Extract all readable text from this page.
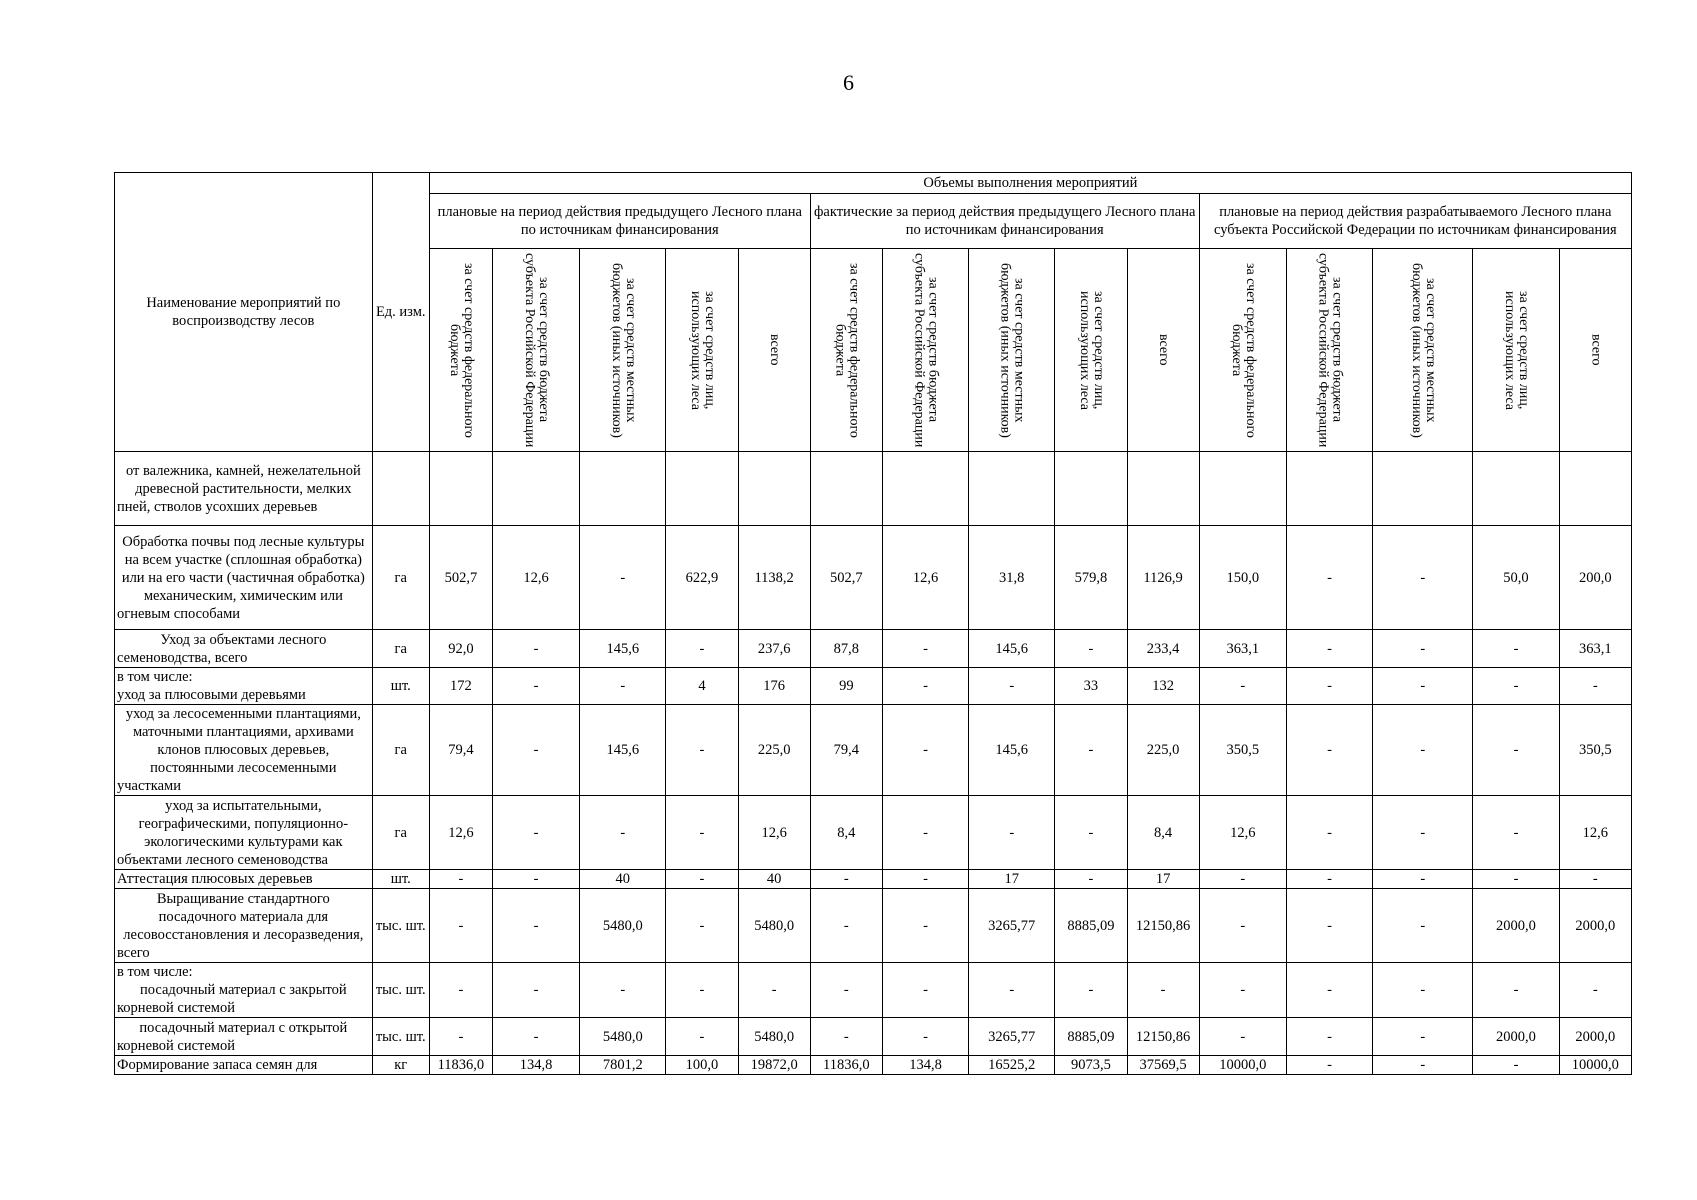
6
Наименование мероприятий по воспроизводству лесов	Ед. изм.	Объемы выполнения мероприятий														
		плановые на период действия предыдущего Лесного плана по источникам финансирования					фактические за период действия предыдущего Лесного плана по источникам финансирования					плановые на период действия разрабатываемого Лесного плана субъекта Российской Федерации по источникам финансирования				

		за счет средств федерального бюджета	за счет средств бюджета субъекта Российской Федерации	за счет средств местных бюджетов (иных источников)	за счет средств лиц, использующих леса	всего	за счет средств федерального бюджета	за счет средств бюджета субъекта Российской Федерации	за счет средств местных бюджетов (иных источников)	за счет средств лиц, использующих леса	всего	за счет средств федерального бюджета	за счет средств бюджета субъекта Российской Федерации	за счет средств местных бюджетов (иных источников)	за счет средств лиц, использующих леса	всего

от валежника, камней, нежелательной древесной растительности, мелких пней, стволов усохших деревьев																
Обработка почвы под лесные культуры на всем участке (сплошная обработка) или на его части (частичная обработка) механическим, химическим или огневым способами	га	502,7	12,6	-	622,9	1138,2	502,7	12,6	31,8	579,8	1126,9	150,0	-	-	50,0	200,0
Уход за объектами лесного семеноводства, всего	га	92,0	-	145,6	-	237,6	87,8	-	145,6	-	233,4	363,1	-	-	-	363,1

в том числе:
уход за плюсовыми деревьями	шт.	172	-	-	4	176	99	-	-	33	132	-	-	-	-	-
уход за лесосеменными плантациями, маточными плантациями, архивами клонов плюсовых деревьев, постоянными лесосеменными участками	га	79,4	-	145,6	-	225,0	79,4	-	145,6	-	225,0	350,5	-	-	-	350,5
уход за испытательными, географическими, популяционно-экологическими культурами как объектами лесного семеноводства	га	12,6	-	-	-	12,6	8,4	-	-	-	8,4	12,6	-	-	-	12,6
Аттестация плюсовых деревьев	шт.	-	-	40	-	40	-	-	17	-	17	-	-	-	-	-
Выращивание стандартного посадочного материала для лесовосстановления и лесоразведения, всего	тыс. шт.	-	-	5480,0	-	5480,0	-	-	3265,77	8885,09	12150,86	-	-	-	2000,0	2000,0

в том числе:
посадочный материал с закрытой корневой системой	тыс. шт.	-	-	-	-	-	-	-	-	-	-	-	-	-	-	-
посадочный материал с открытой корневой системой	тыс. шт.	-	-	5480,0	-	5480,0	-	-	3265,77	8885,09	12150,86	-	-	-	2000,0	2000,0
Формирование запаса семян для	кг	11836,0	134,8	7801,2	100,0	19872,0	11836,0	134,8	16525,2	9073,5	37569,5	10000,0	-	-	-	10000,0
